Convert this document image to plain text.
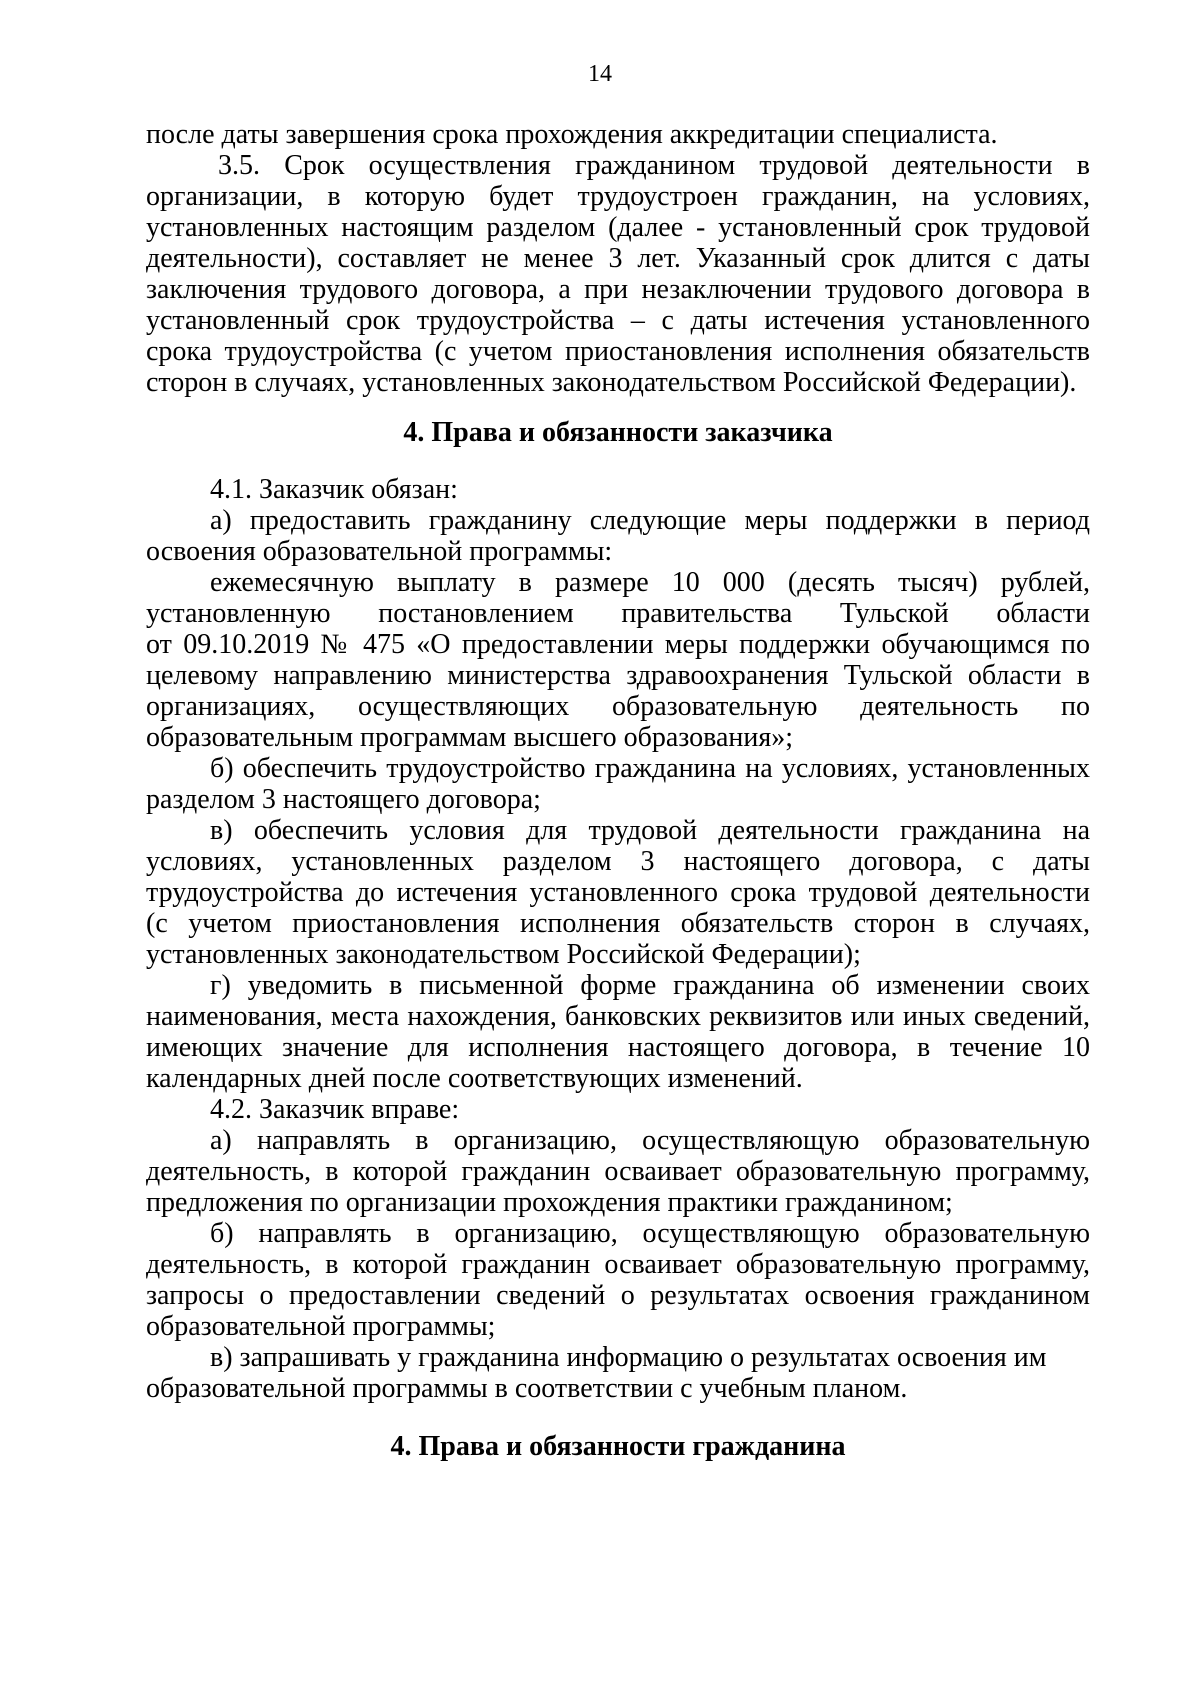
14
после даты завершения срока прохождения аккредитации специалиста.
3.5. Срок осуществления гражданином трудовой деятельности в
организации, в которую будет трудоустроен гражданин, на условиях,
установленных настоящим разделом (далее - установленный срок трудовой
деятельности), составляет не менее 3 лет. Указанный срок длится с даты
заключения трудового договора, а при незаключении трудового договора в
установленный срок трудоустройства – с даты истечения установленного
срока трудоустройства (с учетом приостановления исполнения обязательств
сторон в случаях, установленных законодательством Российской Федерации).
4. Права и обязанности заказчика
4.1. Заказчик обязан:
а) предоставить гражданину следующие меры поддержки в период
освоения образовательной программы:
ежемесячную выплату в размере 10 000 (десять тысяч) рублей,
установленную постановлением правительства Тульской области
от 09.10.2019 № 475 «О предоставлении меры поддержки обучающимся по
целевому направлению министерства здравоохранения Тульской области в
организациях, осуществляющих образовательную деятельность по
образовательным программам высшего образования»;
б) обеспечить трудоустройство гражданина на условиях, установленных
разделом 3 настоящего договора;
в) обеспечить условия для трудовой деятельности гражданина на
условиях, установленных разделом 3 настоящего договора, с даты
трудоустройства до истечения установленного срока трудовой деятельности
(с учетом приостановления исполнения обязательств сторон в случаях,
установленных законодательством Российской Федерации);
г) уведомить в письменной форме гражданина об изменении своих
наименования, места нахождения, банковских реквизитов или иных сведений,
имеющих значение для исполнения настоящего договора, в течение 10
календарных дней после соответствующих изменений.
4.2. Заказчик вправе:
а) направлять в организацию, осуществляющую образовательную
деятельность, в которой гражданин осваивает образовательную программу,
предложения по организации прохождения практики гражданином;
б) направлять в организацию, осуществляющую образовательную
деятельность, в которой гражданин осваивает образовательную программу,
запросы о предоставлении сведений о результатах освоения гражданином
образовательной программы;
в) запрашивать у гражданина информацию о результатах освоения им
образовательной программы в соответствии с учебным планом.
4. Права и обязанности гражданина
